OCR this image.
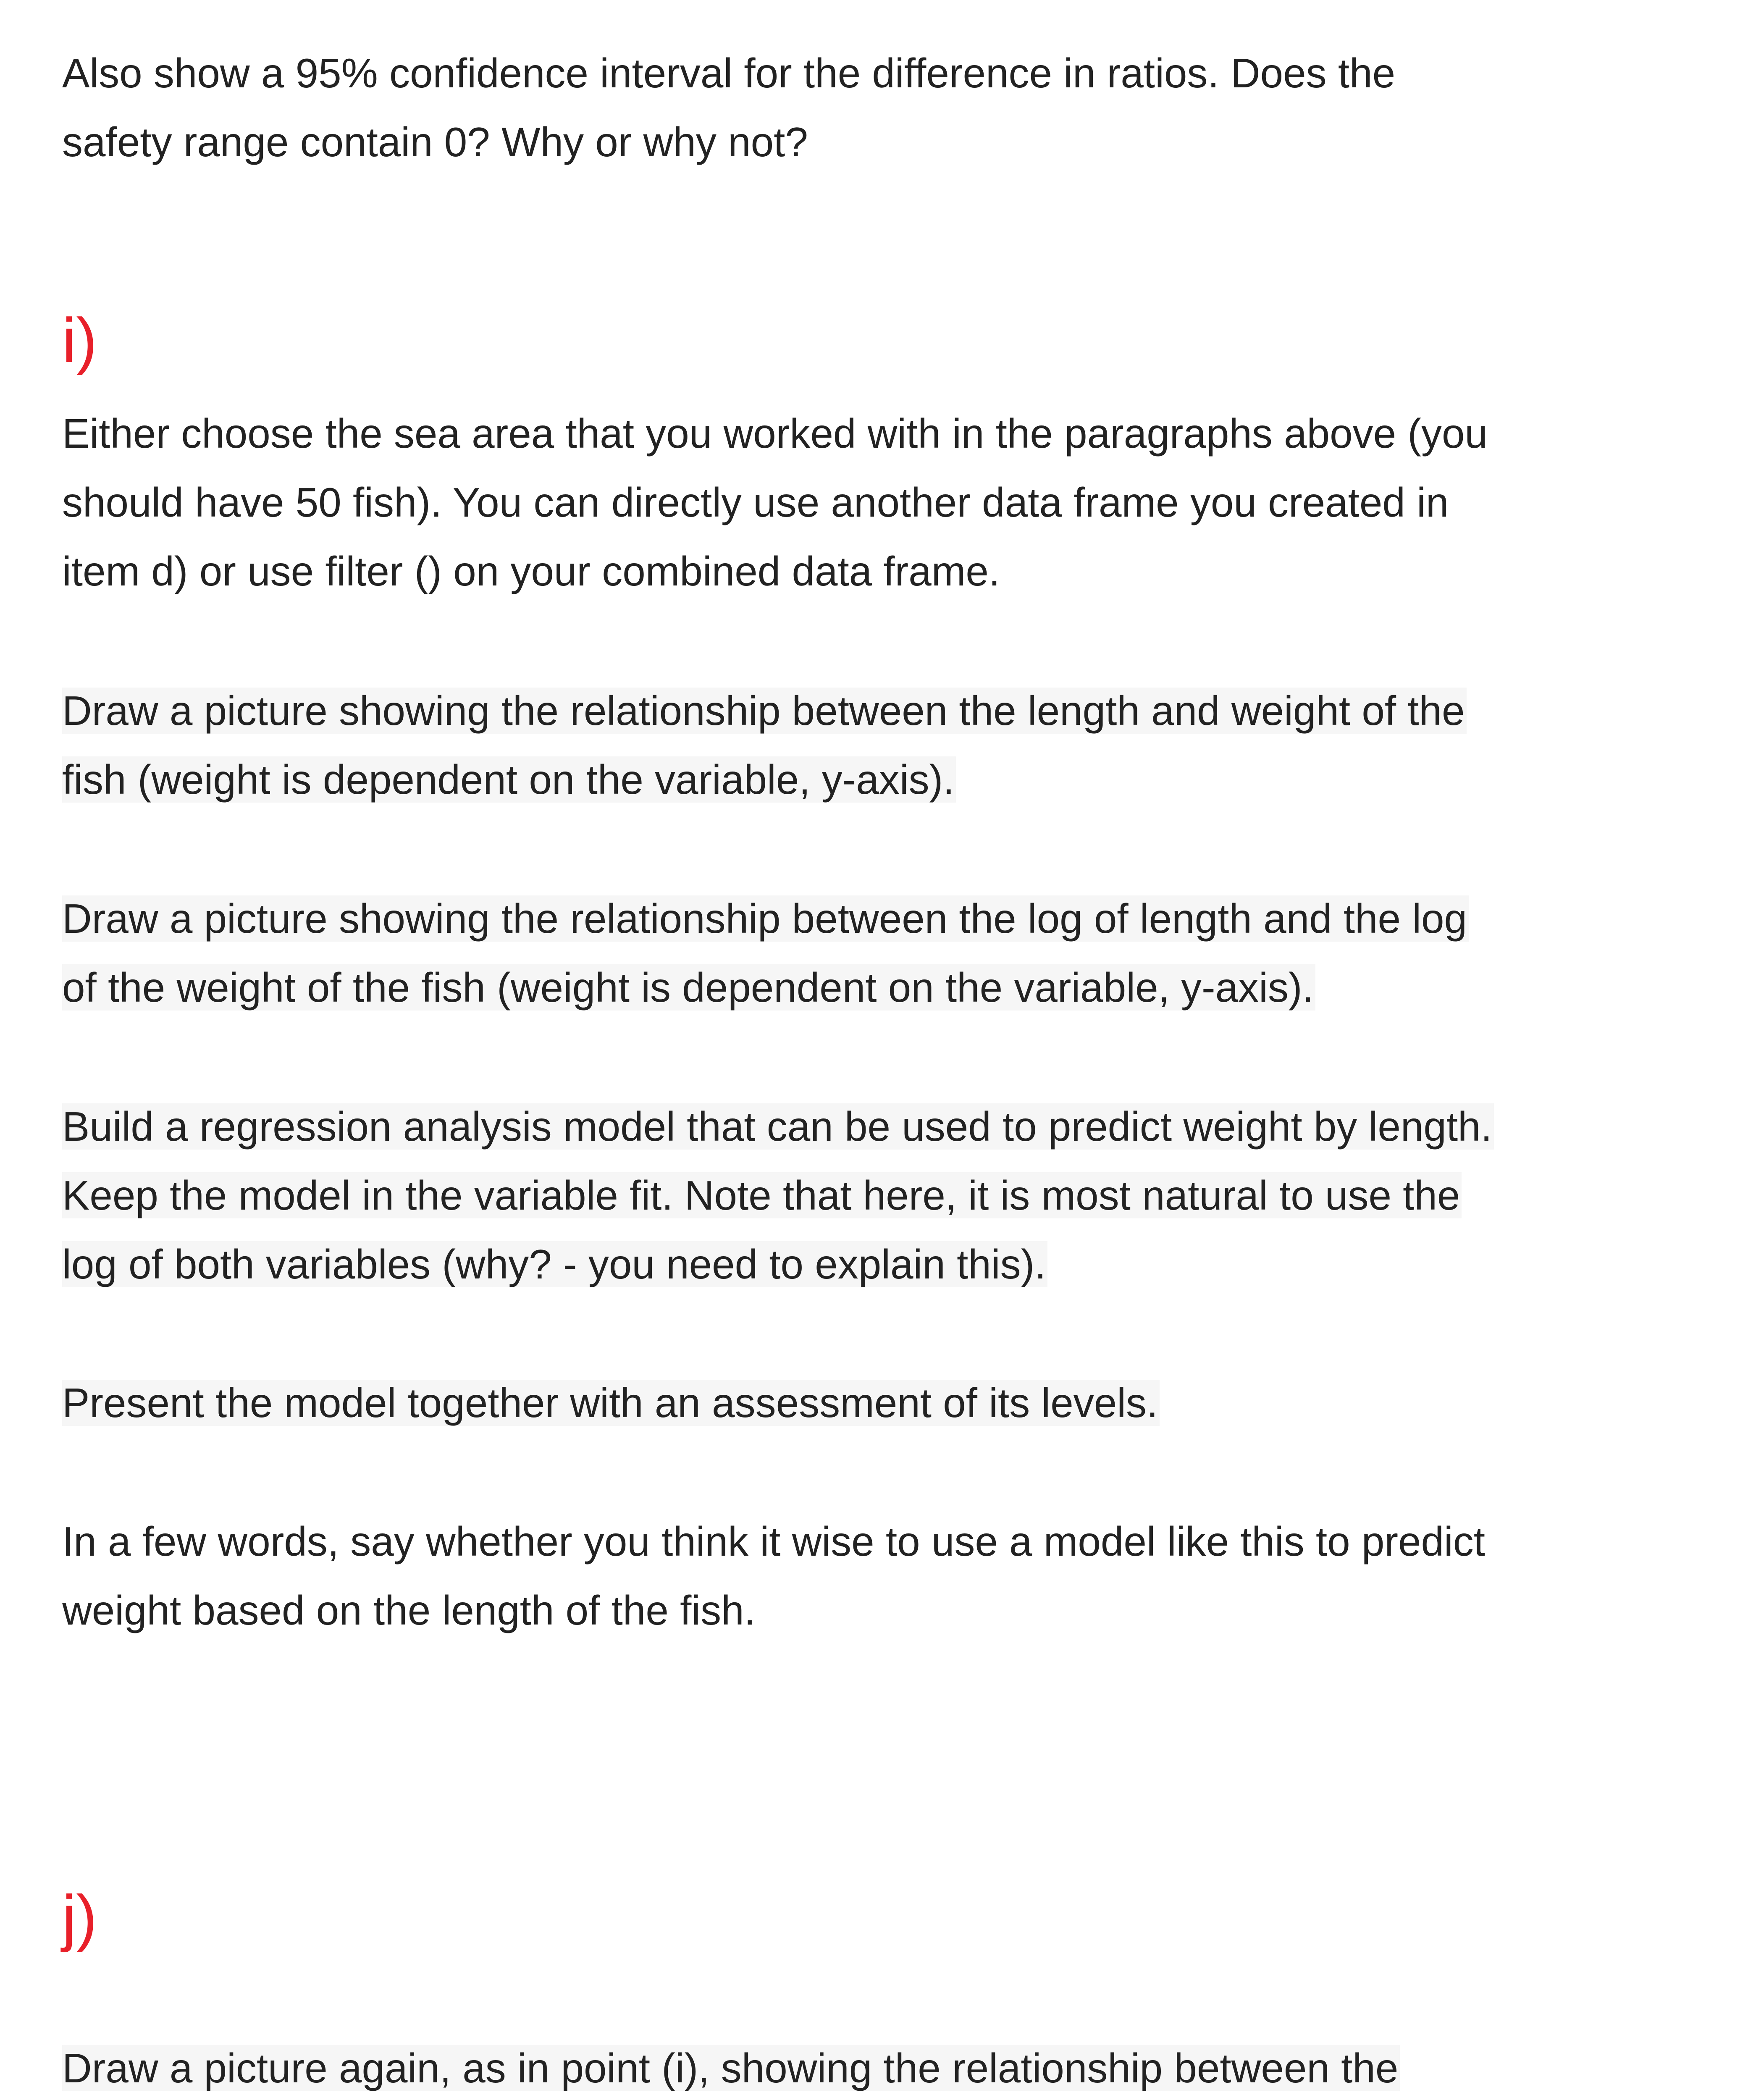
Also show a 95% confidence interval for the difference in ratios. Does the
safety range contain 0? Why or why not?
i)
Either choose the sea area that you worked with in the paragraphs above (you
should have 50 fish). You can directly use another data frame you created in
item d) or use filter () on your combined data frame.
Draw a picture showing the relationship between the length and weight of the
fish (weight is dependent on the variable, y-axis).
Draw a picture showing the relationship between the log of length and the log
of the weight of the fish (weight is dependent on the variable, y-axis).
Build a regression analysis model that can be used to predict weight by length.
Keep the model in the variable fit. Note that here, it is most natural to use the
log of both variables (why? - you need to explain this).
Present the model together with an assessment of its levels.
In a few words, say whether you think it wise to use a model like this to predict
weight based on the length of the fish.
j)
Draw a picture again, as in point (i), showing the relationship between the
